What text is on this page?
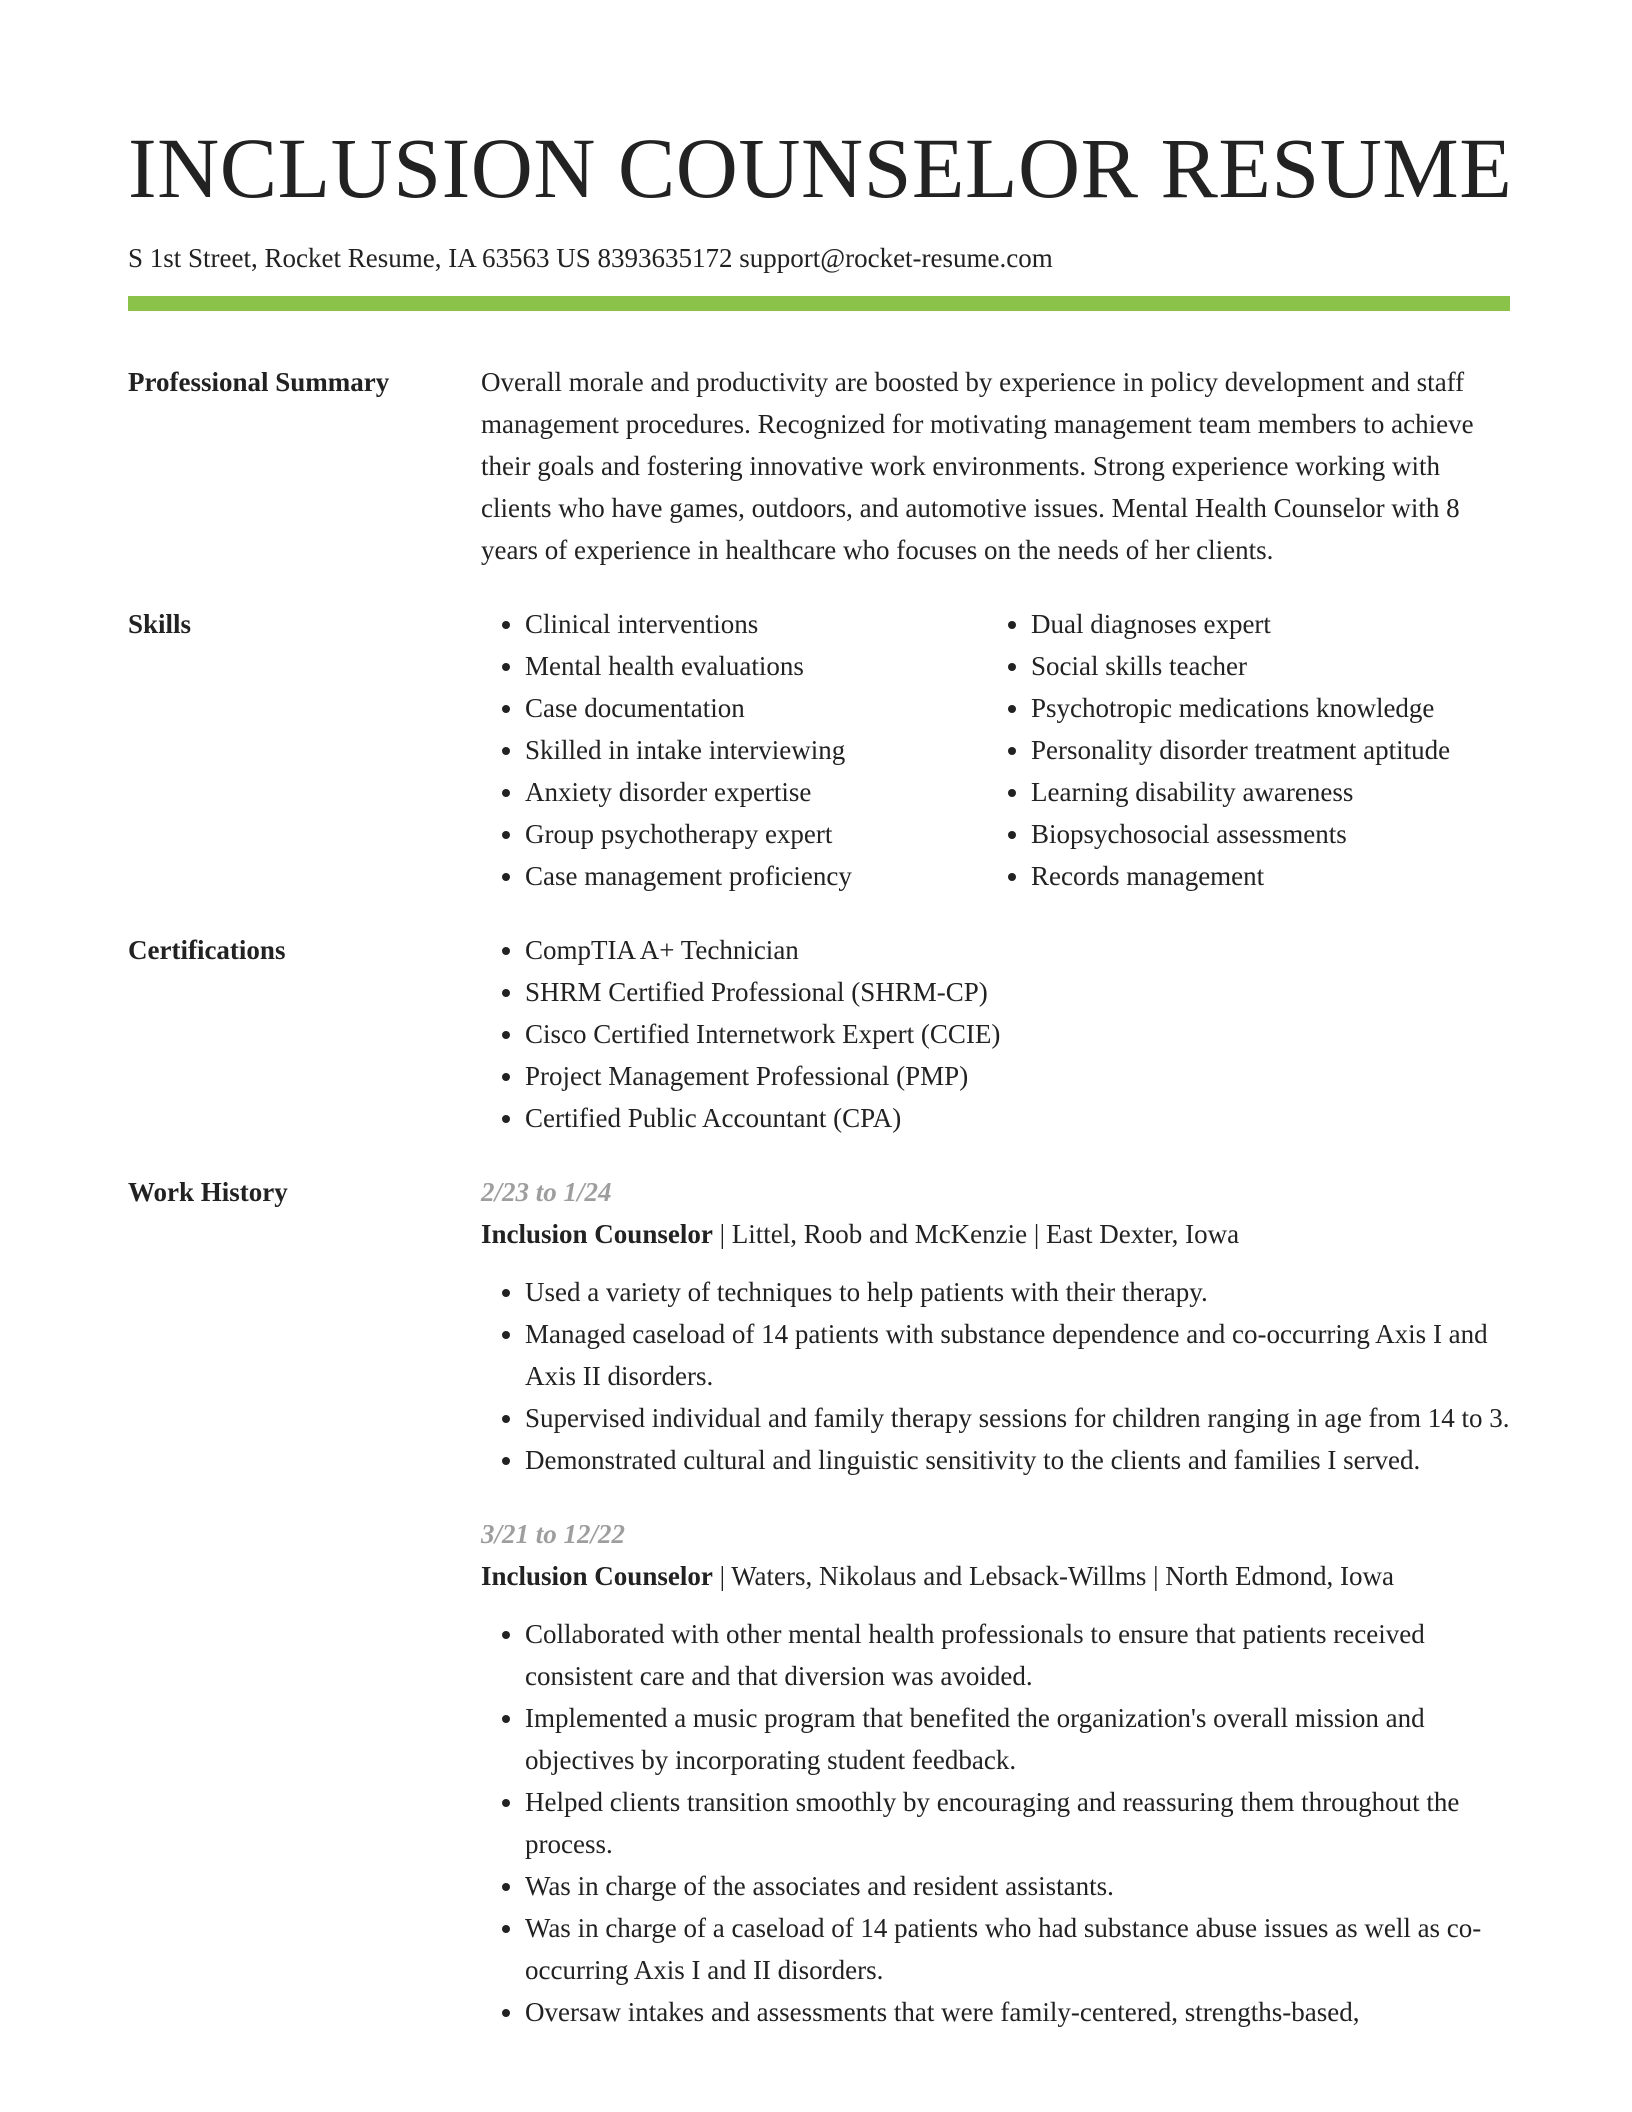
INCLUSION COUNSELOR RESUME
S 1st Street, Rocket Resume, IA 63563 US 8393635172 support@rocket-resume.com
Professional Summary	Overall morale and productivity are boosted by experience in policy development and staff management procedures. Recognized for motivating management team members to achieve their goals and fostering innovative work environments. Strong experience working with clients who have games, outdoors, and automotive issues. Mental Health Counselor with 8 years of experience in healthcare who focuses on the needs of her clients.

Skills	• Clinical interventions
• Mental health evaluations
• Case documentation
• Skilled in intake interviewing
• Anxiety disorder expertise
• Group psychotherapy expert
• Case management proficiency
• Dual diagnoses expert
• Social skills teacher
• Psychotropic medications knowledge
• Personality disorder treatment aptitude
• Learning disability awareness
• Biopsychosocial assessments
• Records management
Certifications	• CompTIA A+ Technician
• SHRM Certified Professional (SHRM-CP)
• Cisco Certified Internetwork Expert (CCIE)
• Project Management Professional (PMP)
• Certified Public Accountant (CPA)
Work History	2/23 to 1/24
Inclusion Counselor | Littel, Roob and McKenzie | East Dexter, Iowa
• Used a variety of techniques to help patients with their therapy.
• Managed caseload of 14 patients with substance dependence and co-occurring Axis I and Axis II disorders.
• Supervised individual and family therapy sessions for children ranging in age from 14 to 3.
• Demonstrated cultural and linguistic sensitivity to the clients and families I served.
3/21 to 12/22
Inclusion Counselor | Waters, Nikolaus and Lebsack-Willms | North Edmond, Iowa
• Collaborated with other mental health professionals to ensure that patients received consistent care and that diversion was avoided.
• Implemented a music program that benefited the organization's overall mission and objectives by incorporating student feedback.
• Helped clients transition smoothly by encouraging and reassuring them throughout the process.
• Was in charge of the associates and resident assistants.
• Was in charge of a caseload of 14 patients who had substance abuse issues as well as co-occurring Axis I and II disorders.
• Oversaw intakes and assessments that were family-centered, strengths-based,
